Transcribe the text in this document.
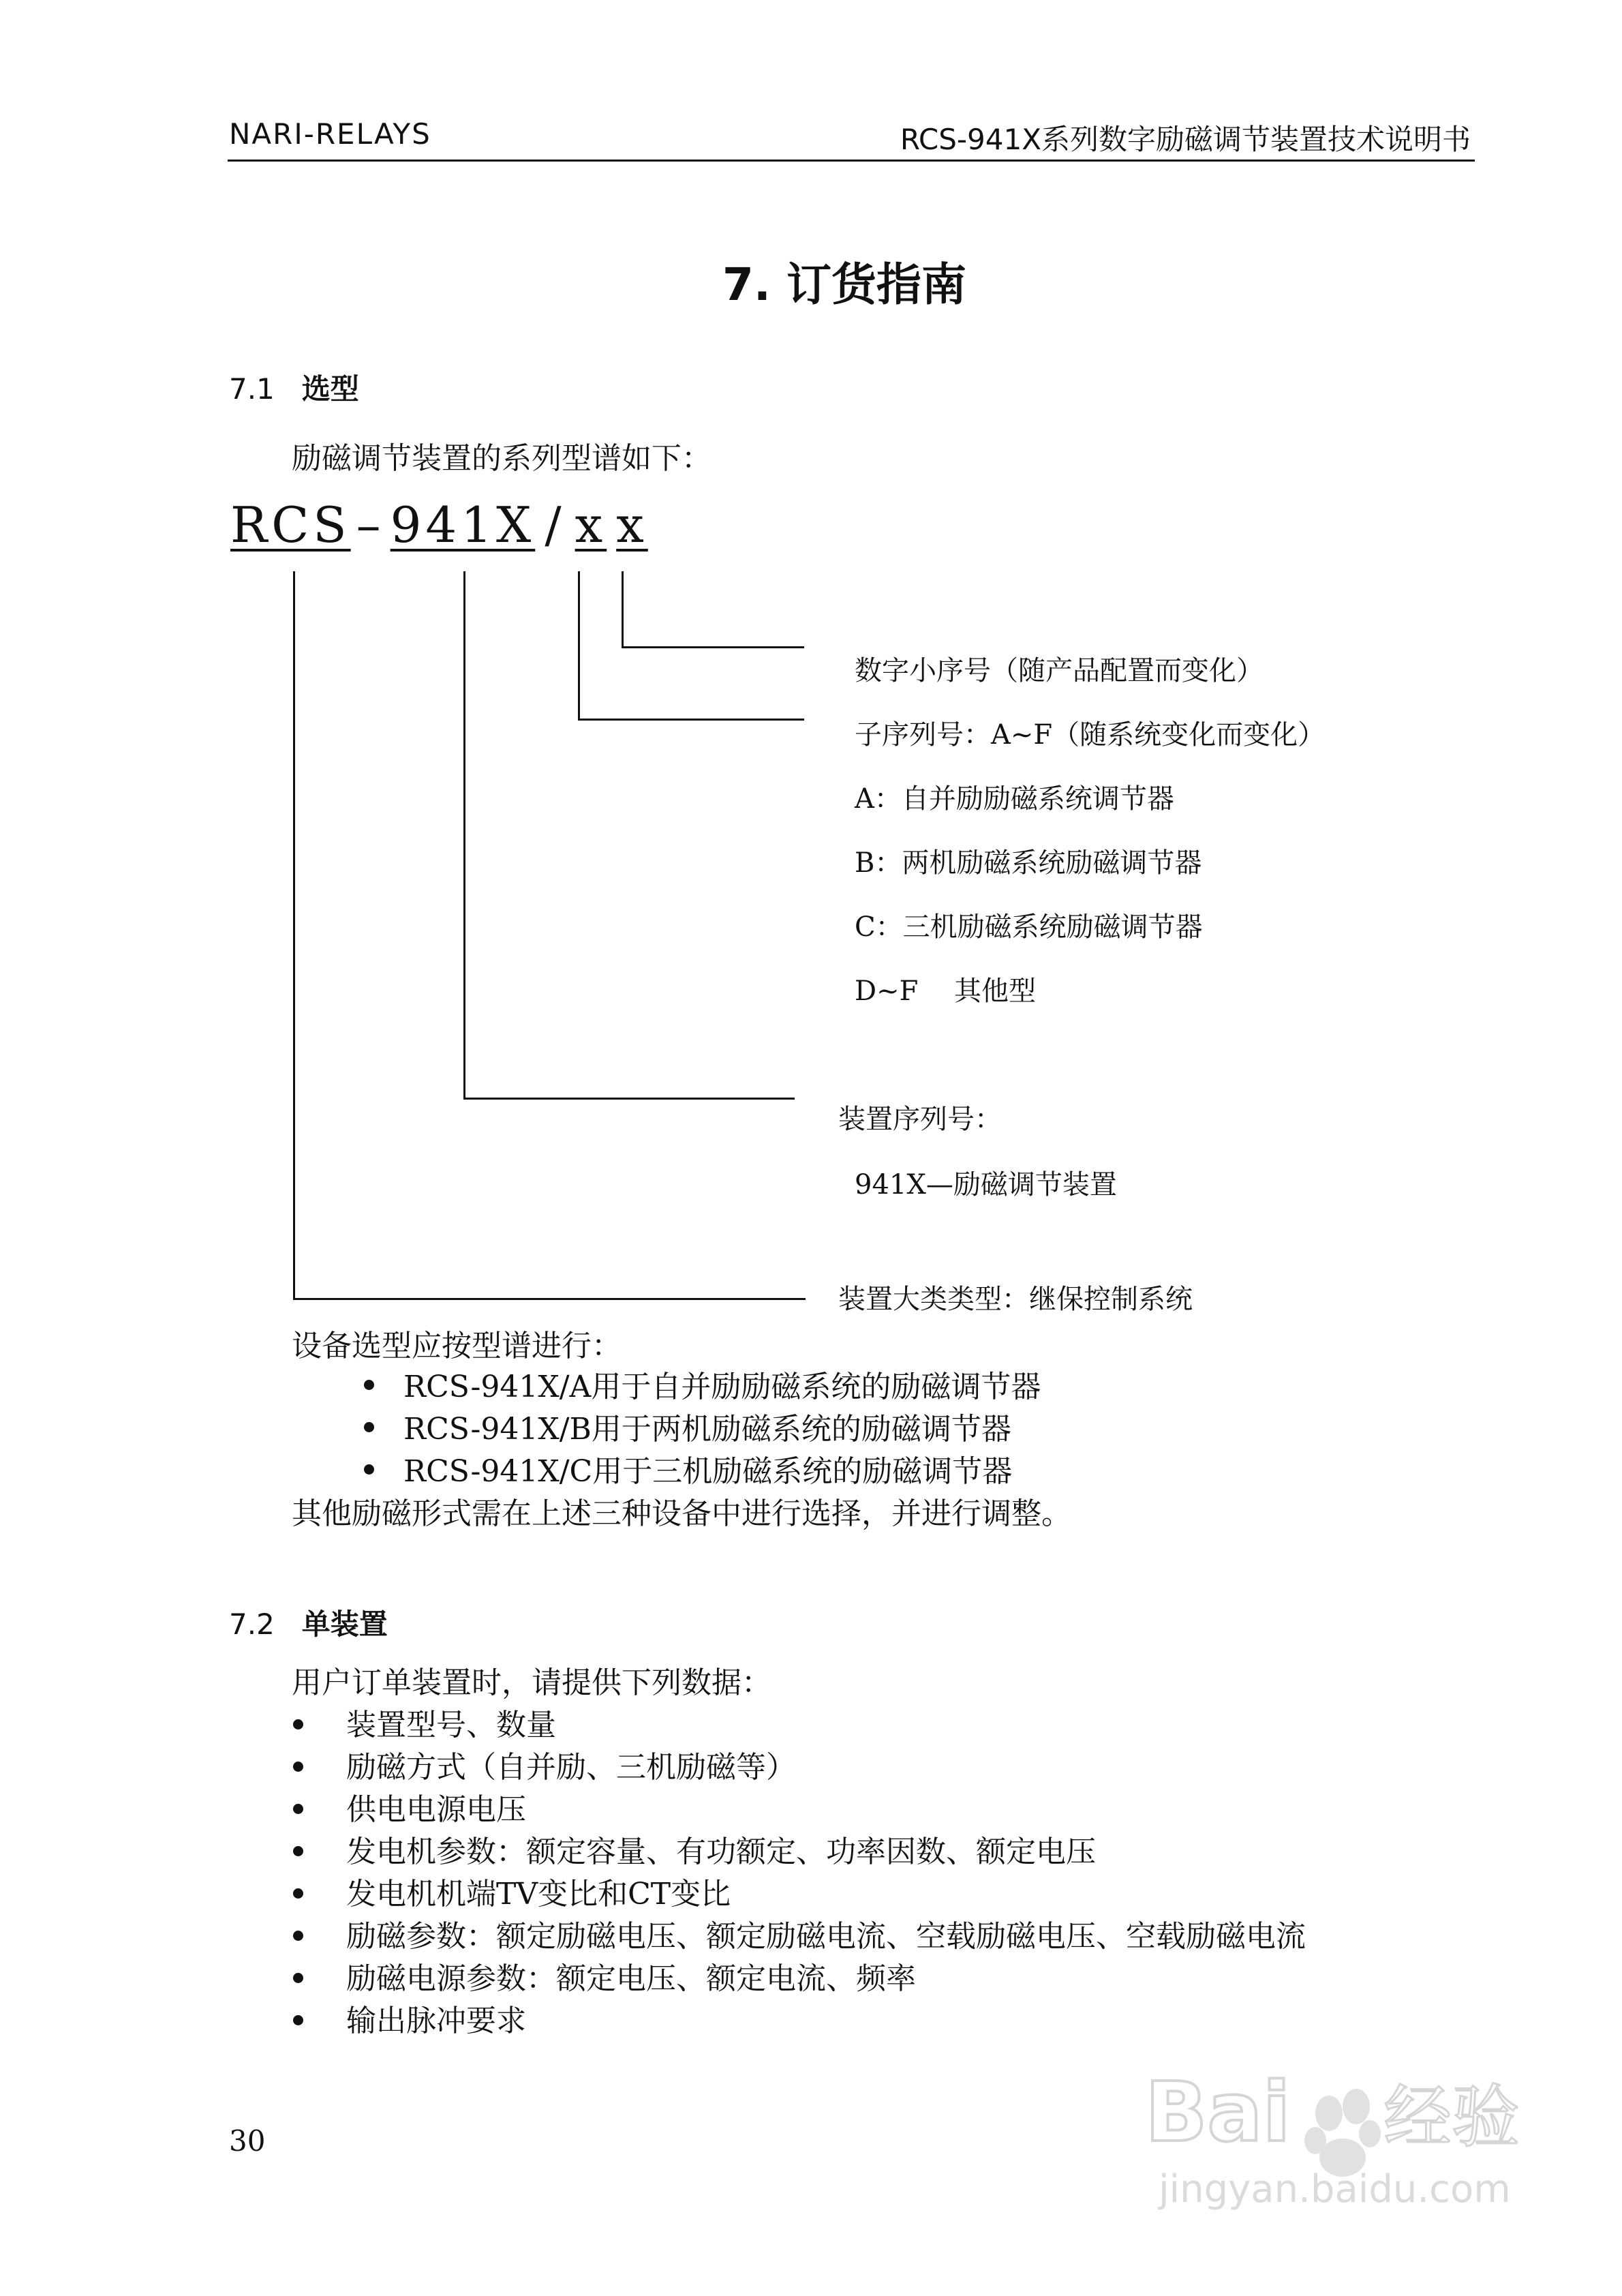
NARI-RELAYS	RCS-941X系列数字励磁调节装置技术说明书
7. 订货指南
7.1 选型
励磁调节装置的系列型谱如下：
RCS – 941X / x x
数字小序号（随产品配置而变化）
子序列号：A~F（随系统变化而变化）
A：自并励励磁系统调节器
B：两机励磁系统励磁调节器
C：三机励磁系统励磁调节器
D~F　 其他型
装置序列号：
941X—励磁调节装置
装置大类类型：继保控制系统
设备选型应按型谱进行：
RCS-941X/A用于自并励励磁系统的励磁调节器
RCS-941X/B用于两机励磁系统的励磁调节器
RCS-941X/C用于三机励磁系统的励磁调节器
其他励磁形式需在上述三种设备中进行选择，并进行调整。
7.2 单装置
用户订单装置时，请提供下列数据：
装置型号、数量
励磁方式（自并励、三机励磁等）
供电电源电压
发电机参数：额定容量、有功额定、功率因数、额定电压
发电机机端TV变比和CT变比
励磁参数：额定励磁电压、额定励磁电流、空载励磁电压、空载励磁电流
励磁电源参数：额定电压、额定电流、频率
输出脉冲要求
30	Bai 经验
jingyan.baidu.com
